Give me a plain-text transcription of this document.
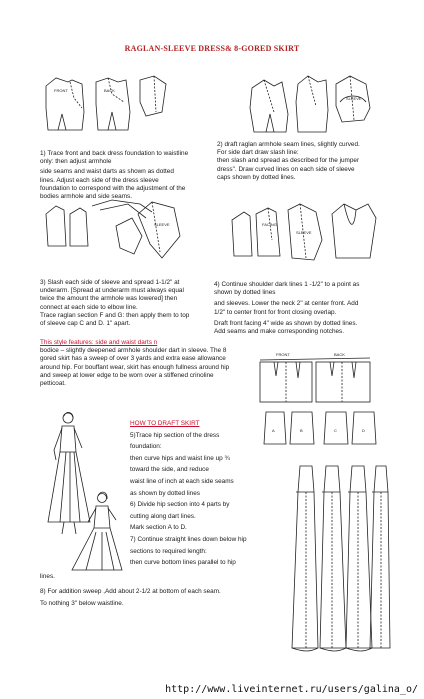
RAGLAN-SLEEVE DRESS& 8-GORED SKIRT
FRONT	BACK
SLEEVE
1) Trace front and back dress foundation to waistline
only: then adjust armhole
side seams and waist darts as shown as dotted
lines. Adjust each side of the dress sleeve
foundation to correspond with the adjustment of the
bodies armhole and side seams.
2) draft raglan armhole seam lines, slightly curved.
For side dart draw slash line:
then slash and spread as described for the jumper
dress". Draw curved lines on each side of sleeve
caps shown by dotted lines.
SLEEVE	FACING
SLEEVE
3) Slash each side of sleeve and spread 1-1/2" at
underarm. [Spread at underarm must always equal
twice the amount the armhole was lowered] then
connect at each side to elbow line.
Trace raglan section F and G: then apply them to top
of sleeve cap C and D. 1" apart.
4) Continue shoulder dark lines 1 -1/2" to a point as
shown by dotted lines
and sleeves. Lower the neck 2" at center front. Add
1/2" to center front for front closing overlap.
Draft front facing 4" wide as shown by dotted lines.
Add seams and make corresponding notches.
This style features: side and waist darts n
bodice – slightly deepened armhole shoulder dart in sleeve. The 8
gored skirt has a sweep of over 3 yards and extra ease allowance
around hip. For bouffant wear, skirt has enough fullness around hip
and sweep at lower edge to be worn over a stiffened crinoline
petticoat.
FRONT	BACK
A	B	C	D
HOW TO DRAFT SKIRT
5)Trace hip section of the dress
foundation:
then curve hips and waist line up ¾
toward the side, and reduce
waist line of inch at each side seams
as shown by dotted lines
6) Divide hip section into 4 parts by
cutting along dart lines.
Mark section A to D.
7) Continue straight lines down below hip
sections to required length:
then curve bottom lines parallel to hip
lines.
8) For addition sweep ,Add about 2-1/2 at bottom of each seam.
To nothing 3" below waistline.
http://www.liveinternet.ru/users/galina_o/
